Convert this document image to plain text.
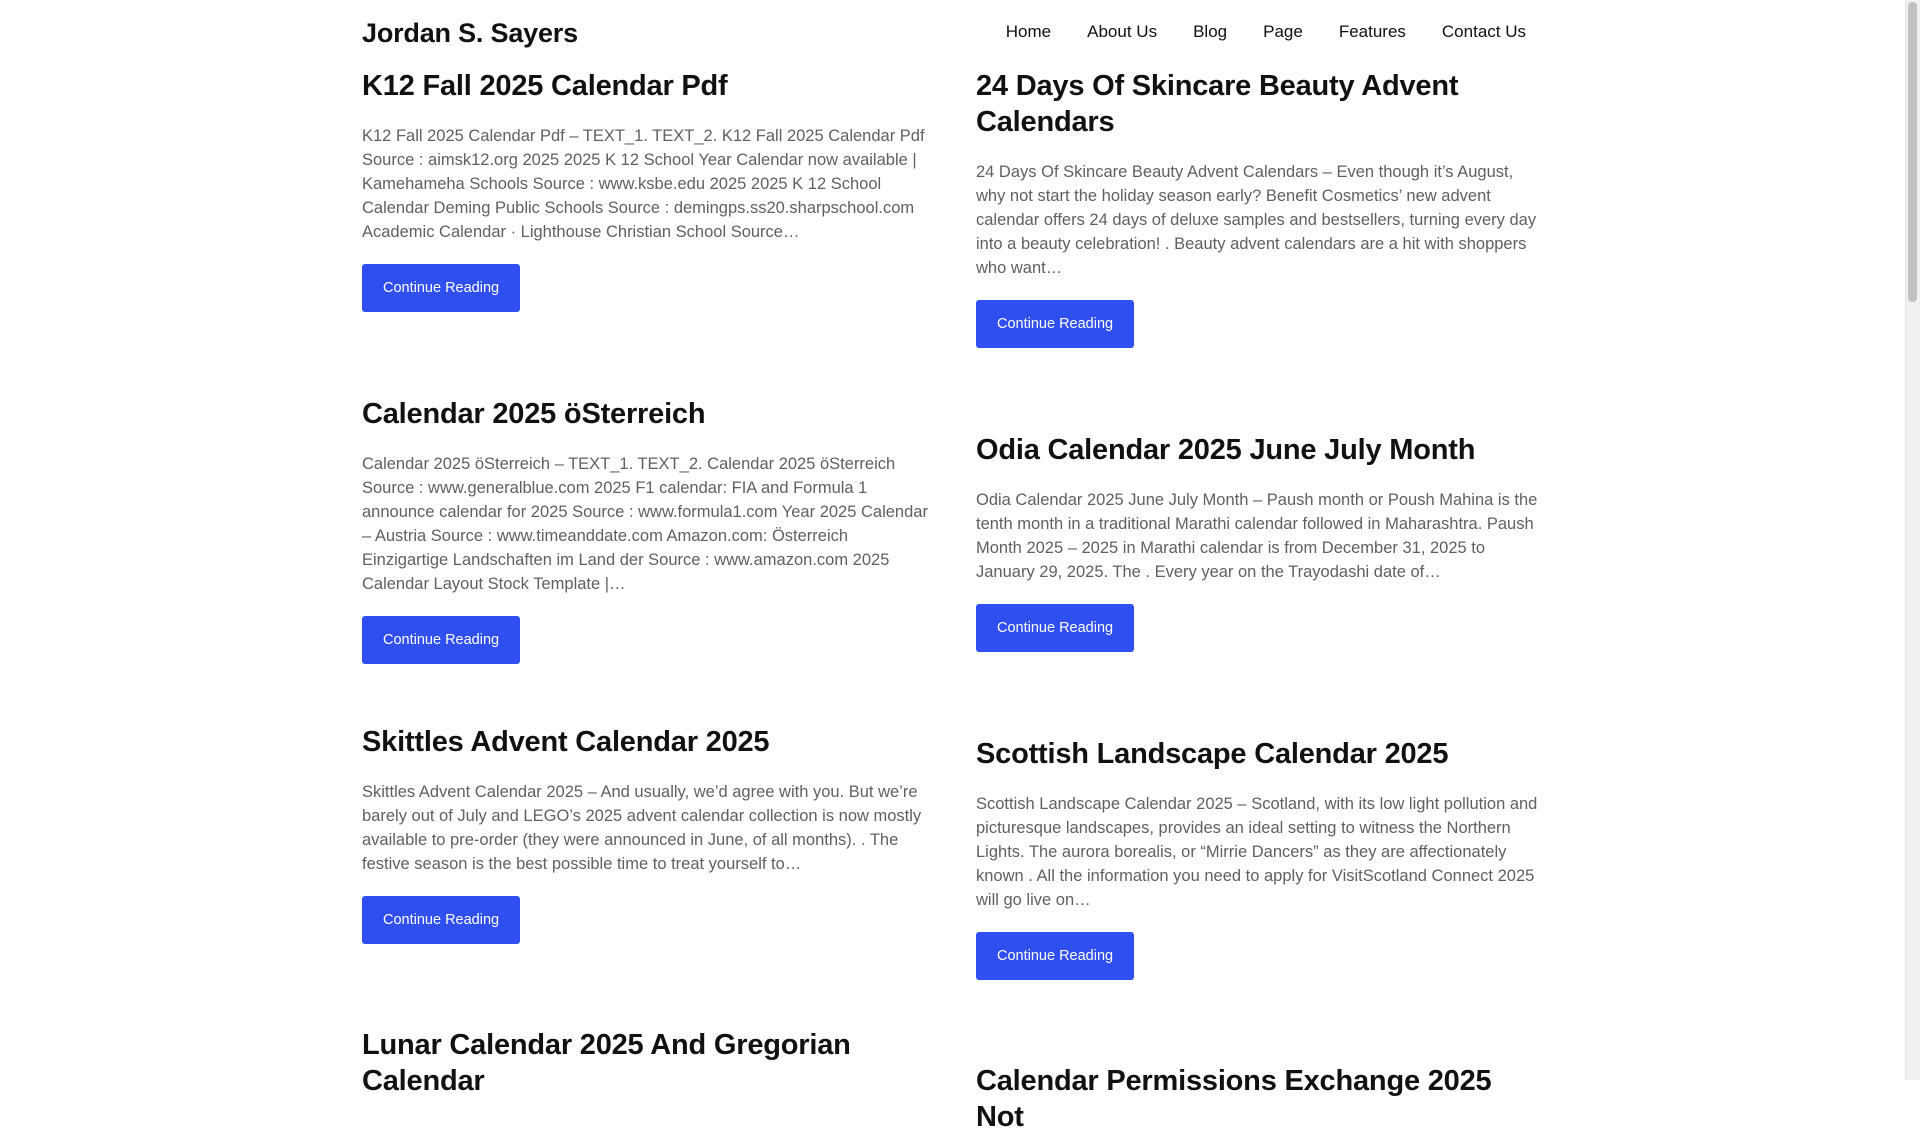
Jordan S. Sayers	Home About Us Blog Page Features Contact Us
K12 Fall 2025 Calendar Pdf

K12 Fall 2025 Calendar Pdf – TEXT_1. TEXT_2. K12 Fall 2025 Calendar Pdf Source : aimsk12.org 2025 2025 K 12 School Year Calendar now available | Kamehameha Schools Source : www.ksbe.edu 2025 2025 K 12 School Calendar Deming Public Schools Source : demingps.ss20.sharpschool.com Academic Calendar · Lighthouse Christian School Source…

Continue Reading
Calendar 2025 öSterreich

Calendar 2025 öSterreich – TEXT_1. TEXT_2. Calendar 2025 öSterreich Source : www.generalblue.com 2025 F1 calendar: FIA and Formula 1 announce calendar for 2025 Source : www.formula1.com Year 2025 Calendar – Austria Source : www.timeanddate.com Amazon.com: Österreich Einzigartige Landschaften im Land der Source : www.amazon.com 2025 Calendar Layout Stock Template |…

Continue Reading
Skittles Advent Calendar 2025

Skittles Advent Calendar 2025 – And usually, we’d agree with you. But we’re barely out of July and LEGO’s 2025 advent calendar collection is now mostly available to pre-order (they were announced in June, of all months). . The festive season is the best possible time to treat yourself to…

Continue Reading
Lunar Calendar 2025 And Gregorian Calendar
24 Days Of Skincare Beauty Advent Calendars

24 Days Of Skincare Beauty Advent Calendars – Even though it’s August, why not start the holiday season early? Benefit Cosmetics’ new advent calendar offers 24 days of deluxe samples and bestsellers, turning every day into a beauty celebration! . Beauty advent calendars are a hit with shoppers who want…

Continue Reading
Odia Calendar 2025 June July Month

Odia Calendar 2025 June July Month – Paush month or Poush Mahina is the tenth month in a traditional Marathi calendar followed in Maharashtra. Paush Month 2025 – 2025 in Marathi calendar is from December 31, 2025 to January 29, 2025. The . Every year on the Trayodashi date of…

Continue Reading
Scottish Landscape Calendar 2025

Scottish Landscape Calendar 2025 – Scotland, with its low light pollution and picturesque landscapes, provides an ideal setting to witness the Northern Lights. The aurora borealis, or “Mirrie Dancers” as they are affectionately known . All the information you need to apply for VisitScotland Connect 2025 will go live on…

Continue Reading
Calendar Permissions Exchange 2025 Not
